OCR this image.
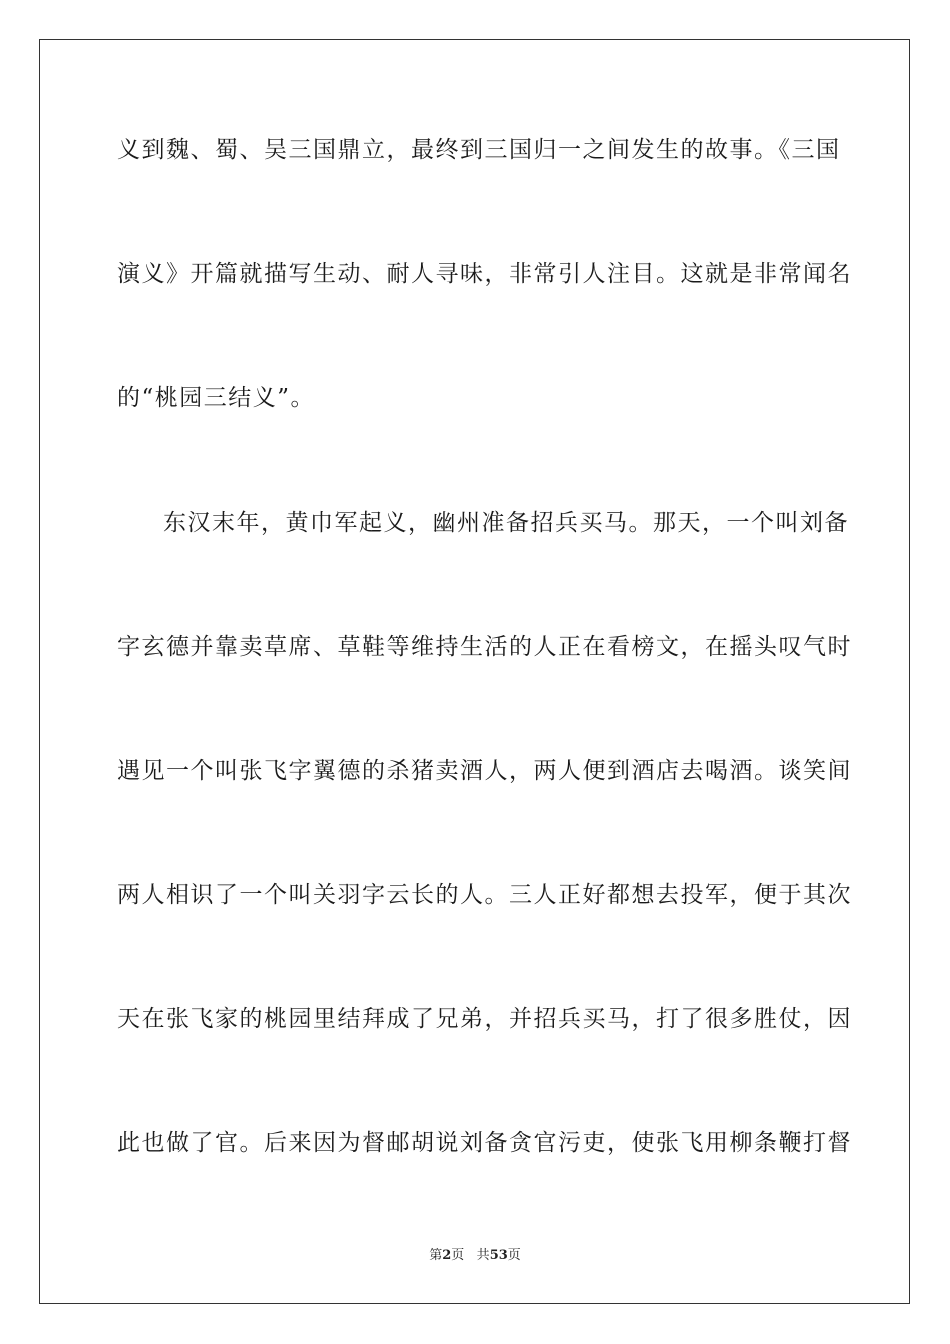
义到魏、蜀、吴三国鼎立，最终到三国归一之间发生的故事。《三国
演义》开篇就描写生动、耐人寻味，非常引人注目。这就是非常闻名
的“桃园三结义”。
东汉末年，黄巾军起义，幽州准备招兵买马。那天，一个叫刘备
字玄德并靠卖草席、草鞋等维持生活的人正在看榜文，在摇头叹气时
遇见一个叫张飞字翼德的杀猪卖酒人，两人便到酒店去喝酒。谈笑间
两人相识了一个叫关羽字云长的人。三人正好都想去投军，便于其次
天在张飞家的桃园里结拜成了兄弟，并招兵买马，打了很多胜仗，因
此也做了官。后来因为督邮胡说刘备贪官污吏，使张飞用柳条鞭打督
第2页 共53页
